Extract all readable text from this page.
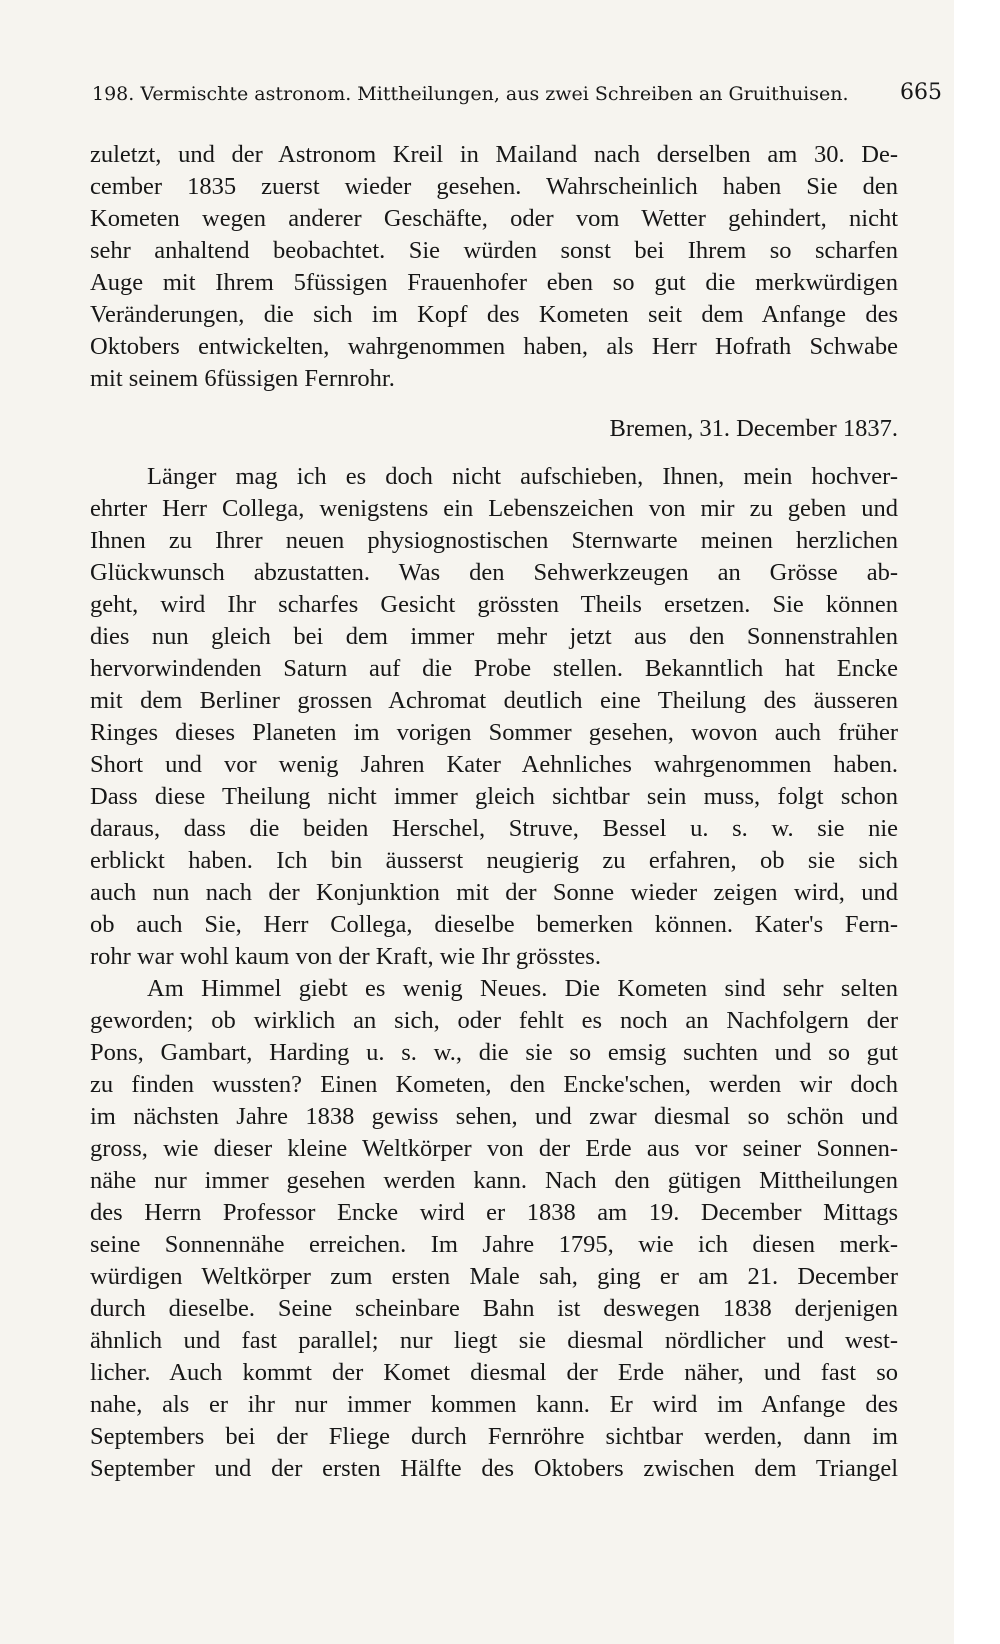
198. Vermischte astronom. Mittheilungen, aus zwei Schreiben an Gruithuisen. 665

zuletzt, und der Astronom Kreil in Mailand nach derselben am 30. De-

cember 1835 zuerst wieder gesehen. Wahrscheinlich haben Sie den

Kometen wegen anderer Geschäfte, oder vom Wetter gehindert, nicht

sehr anhaltend beobachtet. Sie würden sonst bei Ihrem so scharfen

Auge mit Ihrem 5füssigen Frauenhofer eben so gut die merkwürdigen

Veränderungen, die sich im Kopf des Kometen seit dem Anfange des

Oktobers entwickelten, wahrgenommen haben, als Herr Hofrath Schwabe

mit seinem 6füssigen Fernrohr.

Bremen, 31. December 1837.

Länger mag ich es doch nicht aufschieben, Ihnen, mein hochver-

ehrter Herr Collega, wenigstens ein Lebenszeichen von mir zu geben und

Ihnen zu Ihrer neuen physiognostischen Sternwarte meinen herzlichen

Glückwunsch abzustatten. Was den Sehwerkzeugen an Grösse ab-

geht, wird Ihr scharfes Gesicht grössten Theils ersetzen. Sie können

dies nun gleich bei dem immer mehr jetzt aus den Sonnenstrahlen

hervorwindenden Saturn auf die Probe stellen. Bekanntlich hat Encke

mit dem Berliner grossen Achromat deutlich eine Theilung des äusseren

Ringes dieses Planeten im vorigen Sommer gesehen, wovon auch früher

Short und vor wenig Jahren Kater Aehnliches wahrgenommen haben.

Dass diese Theilung nicht immer gleich sichtbar sein muss, folgt schon

daraus, dass die beiden Herschel, Struve, Bessel u. s. w. sie nie

erblickt haben. Ich bin äusserst neugierig zu erfahren, ob sie sich

auch nun nach der Konjunktion mit der Sonne wieder zeigen wird, und

ob auch Sie, Herr Collega, dieselbe bemerken können. Kater's Fern-

rohr war wohl kaum von der Kraft, wie Ihr grösstes.

Am Himmel giebt es wenig Neues. Die Kometen sind sehr selten

geworden; ob wirklich an sich, oder fehlt es noch an Nachfolgern der

Pons, Gambart, Harding u. s. w., die sie so emsig suchten und so gut

zu finden wussten? Einen Kometen, den Encke'schen, werden wir doch

im nächsten Jahre 1838 gewiss sehen, und zwar diesmal so schön und

gross, wie dieser kleine Weltkörper von der Erde aus vor seiner Sonnen-

nähe nur immer gesehen werden kann. Nach den gütigen Mittheilungen

des Herrn Professor Encke wird er 1838 am 19. December Mittags

seine Sonnennähe erreichen. Im Jahre 1795, wie ich diesen merk-

würdigen Weltkörper zum ersten Male sah, ging er am 21. December

durch dieselbe. Seine scheinbare Bahn ist deswegen 1838 derjenigen

ähnlich und fast parallel; nur liegt sie diesmal nördlicher und west-

licher. Auch kommt der Komet diesmal der Erde näher, und fast so

nahe, als er ihr nur immer kommen kann. Er wird im Anfange des

Septembers bei der Fliege durch Fernröhre sichtbar werden, dann im

September und der ersten Hälfte des Oktobers zwischen dem Triangel
